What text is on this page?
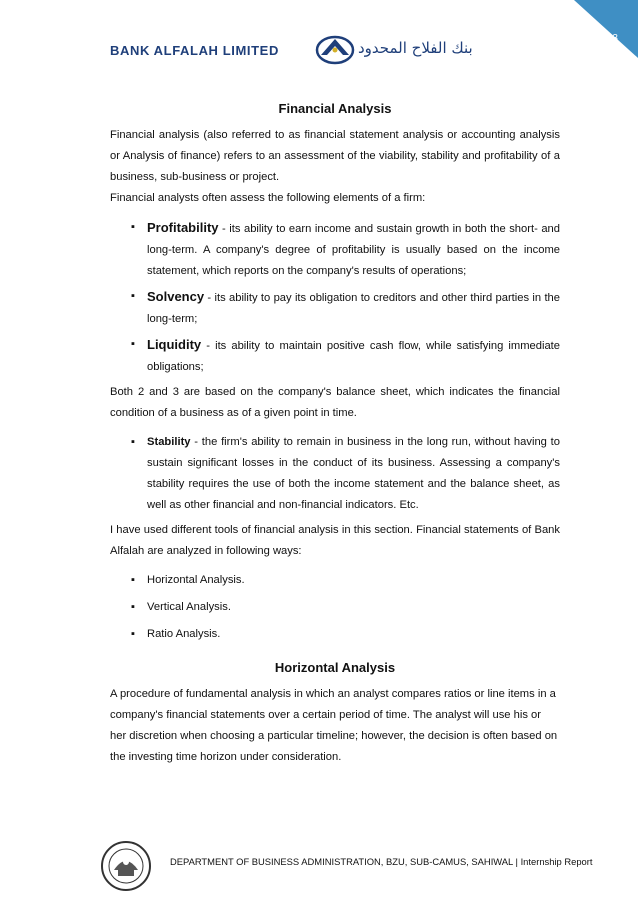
33
BANK ALFALAH LIMITED	بنك الفلاح المحدود
Financial Analysis

Financial analysis (also referred to as financial statement analysis or accounting analysis or Analysis of finance) refers to an assessment of the viability, stability and profitability of a business, sub-business or project.

Financial analysts often assess the following elements of a firm:

▪ Profitability - its ability to earn income and sustain growth in both the short- and long-term. A company's degree of profitability is usually based on the income statement, which reports on the company's results of operations;
▪ Solvency - its ability to pay its obligation to creditors and other third parties in the long-term;
▪ Liquidity - its ability to maintain positive cash flow, while satisfying immediate obligations;

Both 2 and 3 are based on the company's balance sheet, which indicates the financial condition of a business as of a given point in time.

▪ Stability - the firm's ability to remain in business in the long run, without having to sustain significant losses in the conduct of its business. Assessing a company's stability requires the use of both the income statement and the balance sheet, as well as other financial and non-financial indicators. Etc.

I have used different tools of financial analysis in this section. Financial statements of Bank Alfalah are analyzed in following ways:

▪ Horizontal Analysis.
▪ Vertical Analysis.
▪ Ratio Analysis.
Horizontal Analysis

A procedure of fundamental analysis in which an analyst compares ratios or line items in a company's financial statements over a certain period of time. The analyst will use his or her discretion when choosing a particular timeline; however, the decision is often based on the investing time horizon under consideration.

DEPARTMENT OF BUSINESS ADMINISTRATION, BZU, SUB-CAMUS, SAHIWAL | Internship Report
